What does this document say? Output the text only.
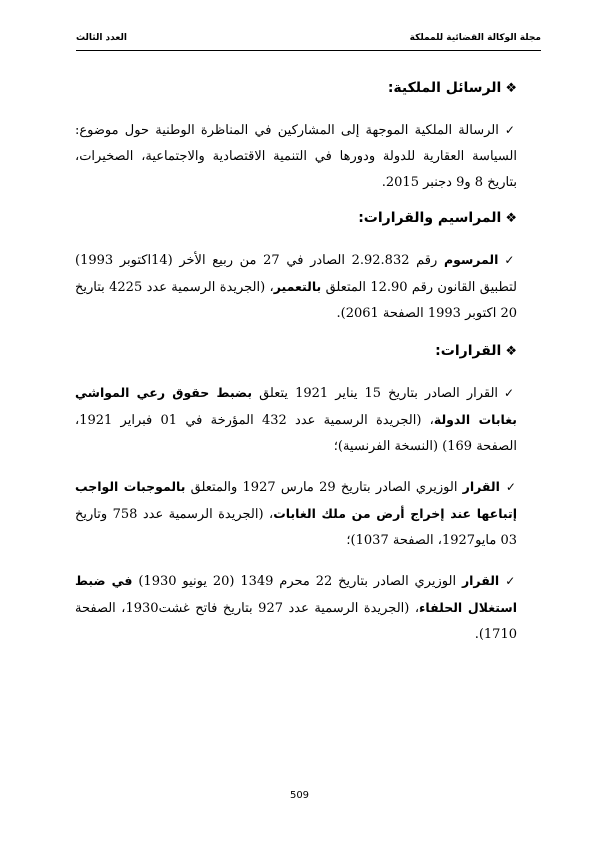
مجلة الوكالة القضائية للمملكة
العدد الثالث
❖الرسائل الملكية:

✓الرسالة الملكية الموجهة إلى المشاركين في المناظرة الوطنية حول موضوع: السياسة العقارية للدولة ودورها في التنمية الاقتصادية والاجتماعية، الصخيرات، بتاريخ 8 و9 دجنبر 2015.

❖المراسيم والقرارات:

✓المرسوم رقم 2.92.832 الصادر في 27 من ربيع الأخر (14اكتوبر 1993) لتطبيق القانون رقم 12.90 المتعلق بالتعمير، (الجريدة الرسمية عدد 4225 بتاريخ 20 اكتوبر 1993 الصفحة 2061).

❖القرارات:

✓القرار الصادر بتاريخ 15 يناير 1921 يتعلق بضبط حقوق رعي المواشي بغابات الدولة، (الجريدة الرسمية عدد 432 المؤرخة في 01 فبراير 1921، الصفحة 169) (النسخة الفرنسية)؛

✓القرار الوزيري الصادر بتاريخ 29 مارس 1927 والمتعلق بالموجبات الواجب إتباعها عند إخراج أرض من ملك الغابات، (الجريدة الرسمية عدد 758 وتاريخ 03 مايو1927، الصفحة 1037)؛

✓القرار الوزيري الصادر بتاريخ 22 محرم 1349 (20 يونيو 1930) في ضبط استغلال الحلفاء، (الجريدة الرسمية عدد 927 بتاريخ فاتح غشت1930، الصفحة 1710).

509
